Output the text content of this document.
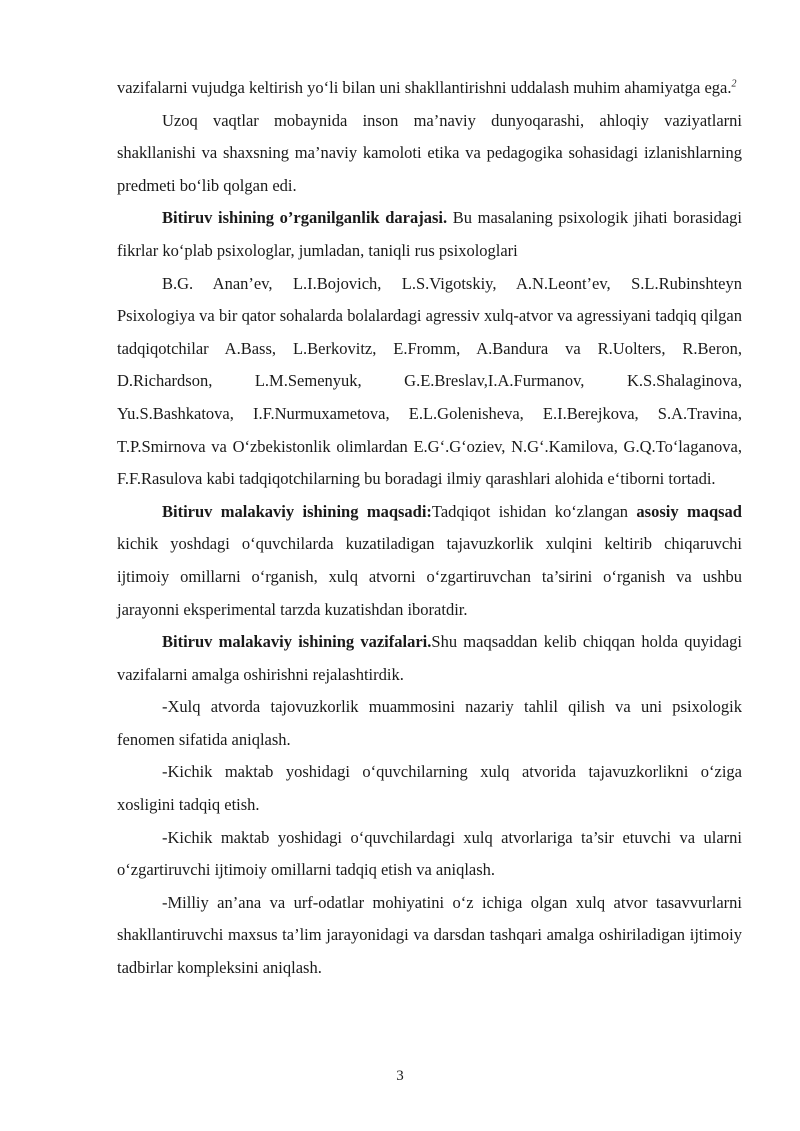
vazifalarni vujudga keltirish yo‘li bilan uni shakllantirishni uddalash muhim ahamiyatga ega.$^2$

Uzoq vaqtlar mobaynida inson ma’naviy dunyoqarashi, ahloqiy vaziyatlarni shakllanishi va shaxsning ma’naviy kamoloti etika va pedagogika sohasidagi izlanishlarning predmeti bo‘lib qolgan edi.

Bitiruv ishining o’rganilganlik darajasi. Bu masalaning psixologik jihati borasidagi fikrlar ko‘plab psixologlar, jumladan, taniqli rus psixologlari

B.G. Anan’ev, L.I.Bojovich, L.S.Vigotskiy, A.N.Leont’ev, S.L.Rubinshteyn Psixologiya va bir qator sohalarda bolalardagi agressiv xulq-atvor va agressiyani tadqiq qilgan tadqiqotchilar A.Bass, L.Berkovitz, E.Fromm, A.Bandura va R.Uolters, R.Beron, D.Richardson, L.M.Semenyuk, G.E.Breslav,I.A.Furmanov, K.S.Shalaginova, Yu.S.Bashkatova, I.F.Nurmuxametova, E.L.Golenisheva, E.I.Berejkova, S.A.Travina, T.P.Smirnova va O‘zbekistonlik olimlardan E.G‘.G‘oziev, N.G‘.Kamilova, G.Q.To‘laganova, F.F.Rasulova kabi tadqiqotchilarning bu boradagi ilmiy qarashlari alohida e‘tiborni tortadi.

Bitiruv malakaviy ishining maqsadi:Tadqiqot ishidan ko‘zlangan asosiy maqsad kichik yoshdagi o‘quvchilarda kuzatiladigan tajavuzkorlik xulqini keltirib chiqaruvchi ijtimoiy omillarni o‘rganish, xulq atvorni o‘zgartiruvchan ta’sirini o‘rganish va ushbu jarayonni eksperimental tarzda kuzatishdan iboratdir.

Bitiruv malakaviy ishining vazifalari.Shu maqsaddan kelib chiqqan holda quyidagi vazifalarni amalga oshirishni rejalashtirdik.

-Xulq atvorda tajovuzkorlik muammosini nazariy tahlil qilish va uni psixologik fenomen sifatida aniqlash.

-Kichik maktab yoshidagi o‘quvchilarning xulq atvorida tajavuzkorlikni o‘ziga xosligini tadqiq etish.

-Kichik maktab yoshidagi o‘quvchilardagi xulq atvorlariga ta’sir etuvchi va ularni o‘zgartiruvchi ijtimoiy omillarni tadqiq etish va aniqlash.

-Milliy an’ana va urf-odatlar mohiyatini o‘z ichiga olgan xulq atvor tasavvurlarni shakllantiruvchi maxsus ta’lim jarayonidagi va darsdan tashqari amalga oshiriladigan ijtimoiy tadbirlar kompleksini aniqlash.

3
